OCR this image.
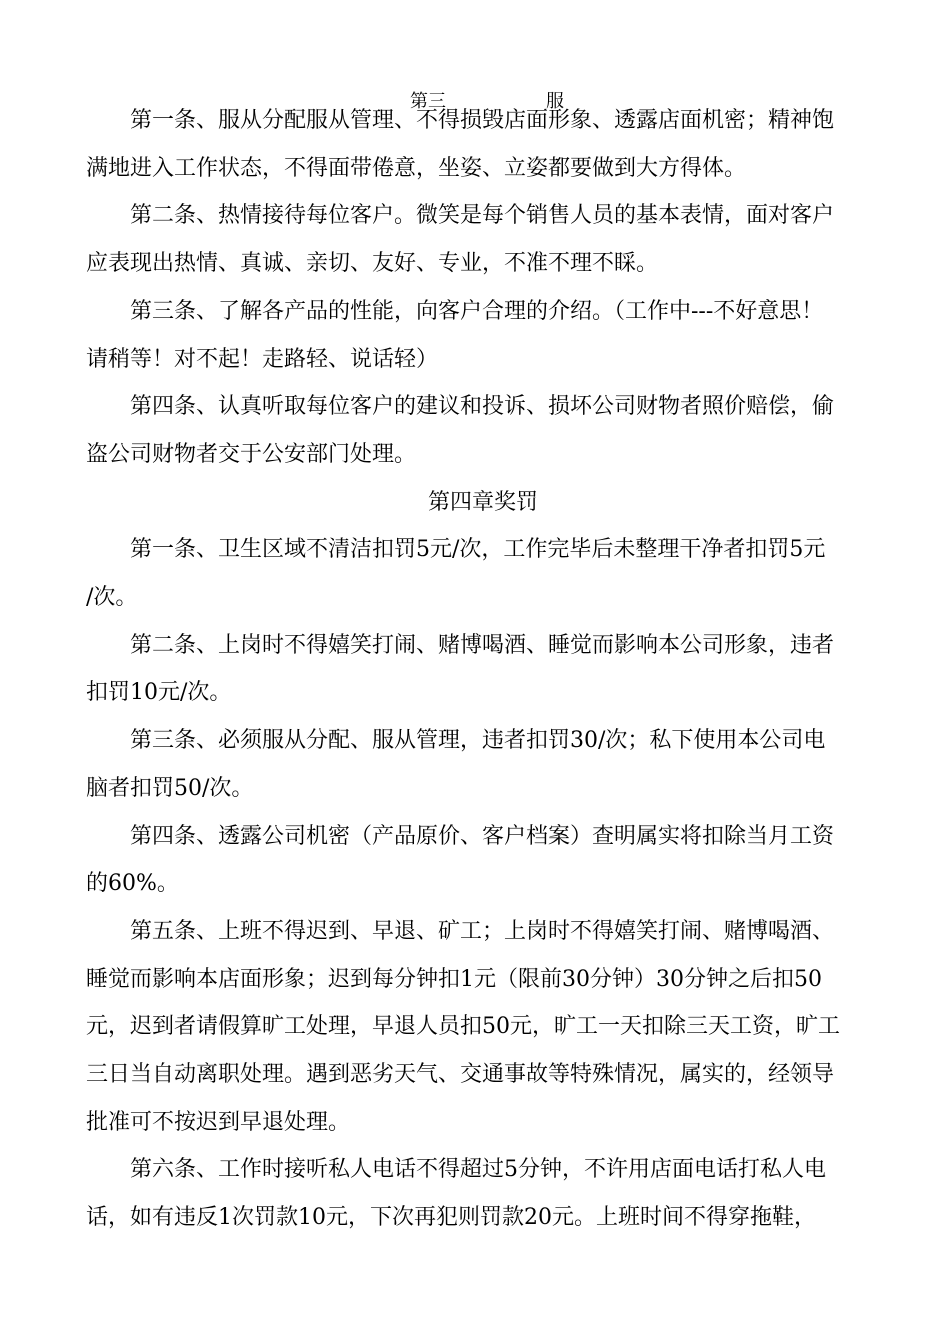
第三	服
第一条、服从分配服从管理、不得损毁店面形象、透露店面机密；精神饱
满地进入工作状态，不得面带倦意，坐姿、立姿都要做到大方得体。
第二条、热情接待每位客户。微笑是每个销售人员的基本表情，面对客户
应表现出热情、真诚、亲切、友好、专业，不准不理不睬。
第三条、了解各产品的性能，向客户合理的介绍。（工作中---不好意思！
请稍等！对不起！走路轻、说话轻）
第四条、认真听取每位客户的建议和投诉、损坏公司财物者照价赔偿，偷
盗公司财物者交于公安部门处理。

第四章奖罚

第一条、卫生区域不清洁扣罚5元/次，工作完毕后未整理干净者扣罚5元
/次。
第二条、上岗时不得嬉笑打闹、赌博喝酒、睡觉而影响本公司形象，违者
扣罚10元/次。
第三条、必须服从分配、服从管理，违者扣罚30/次；私下使用本公司电
脑者扣罚50/次。
第四条、透露公司机密（产品原价、客户档案）查明属实将扣除当月工资
的60%。
第五条、上班不得迟到、早退、矿工；上岗时不得嬉笑打闹、赌博喝酒、
睡觉而影响本店面形象；迟到每分钟扣1元（限前30分钟）30分钟之后扣50
元，迟到者请假算旷工处理，早退人员扣50元，旷工一天扣除三天工资，旷工
三日当自动离职处理。遇到恶劣天气、交通事故等特殊情况，属实的，经领导
批准可不按迟到早退处理。
第六条、工作时接听私人电话不得超过5分钟，不许用店面电话打私人电
话，如有违反1次罚款10元，下次再犯则罚款20元。上班时间不得穿拖鞋，
